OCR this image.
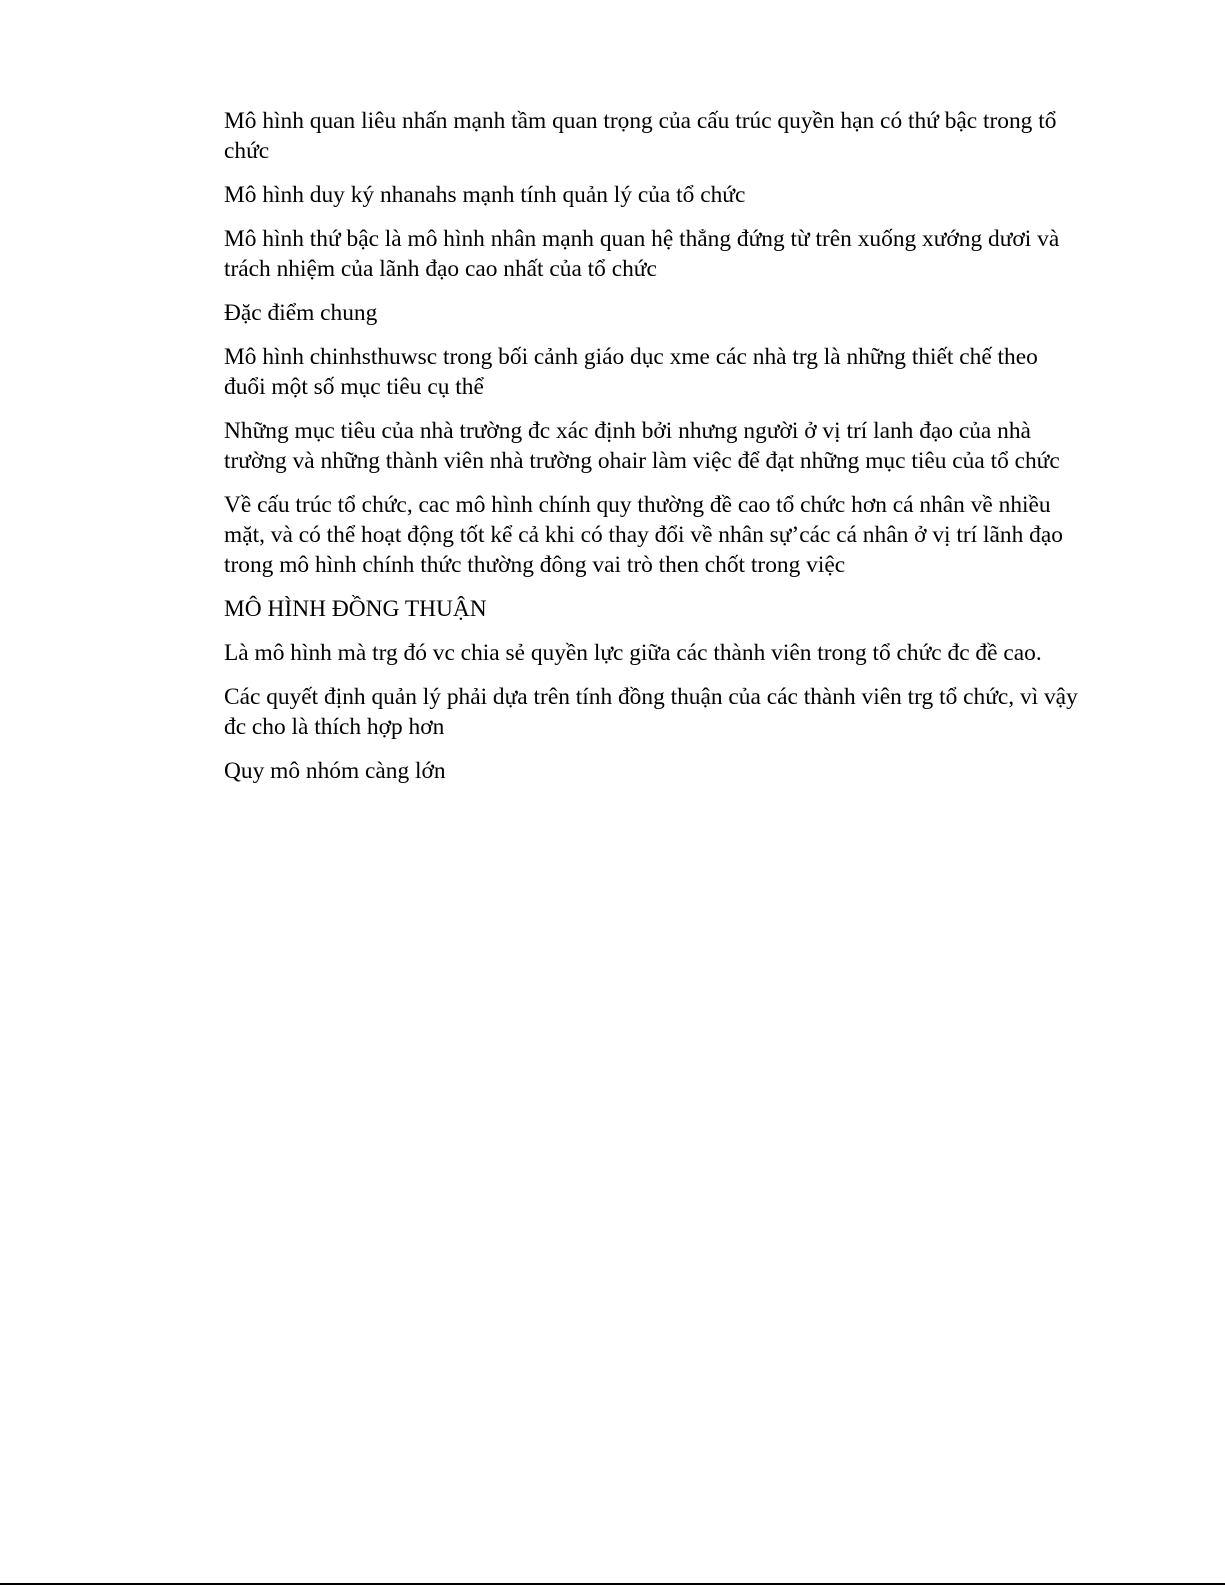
Mô hình quan liêu nhấn mạnh tầm quan trọng của cấu trúc quyền hạn có thứ bậc trong tổ chức

Mô hình duy ký nhanahs mạnh tính quản lý của tổ chức

Mô hình thứ bậc là mô hình nhân mạnh quan hệ thẳng đứng từ trên xuống xướng dươi và trách nhiệm của lãnh đạo cao nhất của tổ chức

Đặc điểm chung

Mô hình chinhsthuwsc trong bối cảnh giáo dục xme các nhà trg là những thiết chế theo đuổi một số mục tiêu cụ thể

Những mục tiêu của nhà trường đc xác định bởi nhưng người ở vị trí lanh đạo của nhà trường và những thành viên nhà trường ohair làm việc để đạt những mục tiêu của tổ chức

Về cấu trúc tổ chức, cac mô hình chính quy thường đề cao tổ chức hơn cá nhân về nhiều mặt, và có thể hoạt động tốt kể cả khi có thay đổi về nhân sự’các cá nhân ở vị trí lãnh đạo trong mô hình chính thức thường đông vai trò then chốt trong việc

MÔ HÌNH ĐỒNG THUẬN

Là mô hình mà trg đó vc chia sẻ quyền lực giữa các thành viên trong tổ chức đc đề cao.

Các quyết định quản lý phải dựa trên tính đồng thuận của các thành viên trg tổ chức, vì vậy đc cho là thích hợp hơn

Quy mô nhóm càng lớn
